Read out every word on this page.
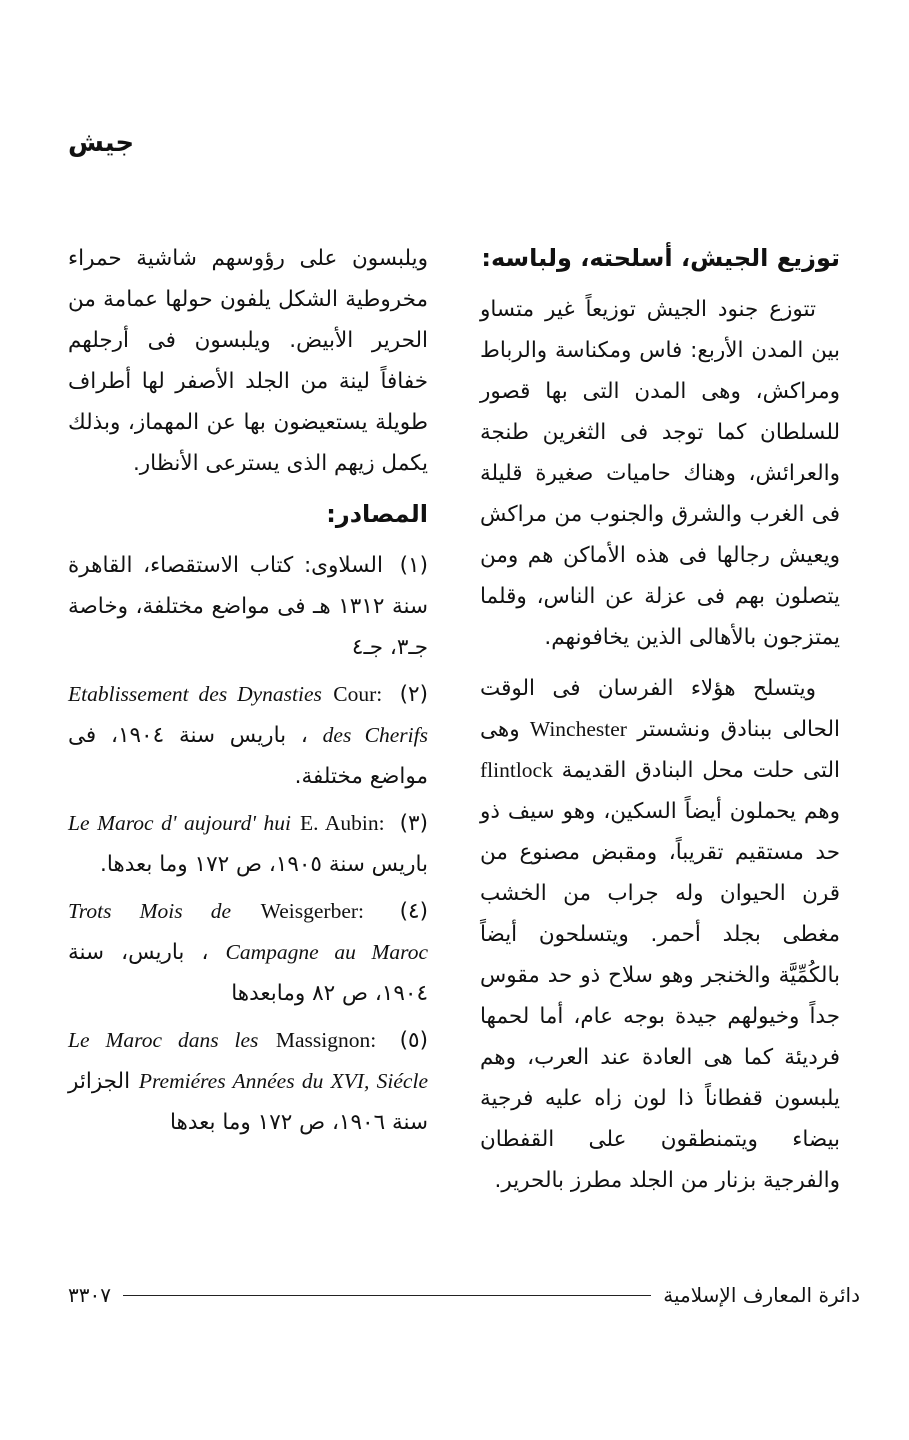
جيش

توزيع الجيش، أسلحته، ولباسه:

تتوزع جنود الجيش توزيعاً غير متساو بين المدن الأربع: فاس ومكناسة والرباط ومراكش، وهى المدن التى بها قصور للسلطان كما توجد فى الثغرين طنجة والعرائش، وهناك حاميات صغيرة قليلة فى الغرب والشرق والجنوب من مراكش ويعيش رجالها فى هذه الأماكن هم ومن يتصلون بهم فى عزلة عن الناس، وقلما يمتزجون بالأهالى الذين يخافونهم.

ويتسلح هؤلاء الفرسان فى الوقت الحالى ببنادق ونشستر Winchester وهى التى حلت محل البنادق القديمة flintlock وهم يحملون أيضاً السكين، وهو سيف ذو حد مستقيم تقريباً، ومقبض مصنوع من قرن الحيوان وله جراب من الخشب مغطى بجلد أحمر. ويتسلحون أيضاً بالكُمِّيَّة والخنجر وهو سلاح ذو حد مقوس جداً وخيولهم جيدة بوجه عام، أما لحمها فرديئة كما هى العادة عند العرب، وهم يلبسون قفطاناً ذا لون زاه عليه فرجية بيضاء ويتمنطقون على القفطان والفرجية بزنار من الجلد مطرز بالحرير.

ويلبسون على رؤوسهم شاشية حمراء مخروطية الشكل يلفون حولها عمامة من الحرير الأبيض. ويلبسون فى أرجلهم خفافاً لينة من الجلد الأصفر لها أطراف طويلة يستعيضون بها عن المهماز، وبذلك يكمل زيهم الذى يسترعى الأنظار.

المصادر:

(١) السلاوى: كتاب الاستقصاء، القاهرة سنة ١٣١٢ هـ فى مواضع مختلفة، وخاصة جـ٣، جـ٤

(٢) Cour: Etablissement des Dynasties des Cherifs ، باريس سنة ١٩٠٤، فى مواضع مختلفة.

(٣) E. Aubin: Le Maroc d' aujourd' hui باريس سنة ١٩٠٥، ص ١٧٢ وما بعدها.

(٤) Weisgerber: Trots Mois de Campagne au Maroc ، باريس، سنة ١٩٠٤، ص ٨٢ ومابعدها

(٥) Massignon: Le Maroc dans les Premiéres Années du XVI, Siécle الجزائر سنة ١٩٠٦، ص ١٧٢ وما بعدها

دائرة المعارف الإسلامية
٣٣٠٧
